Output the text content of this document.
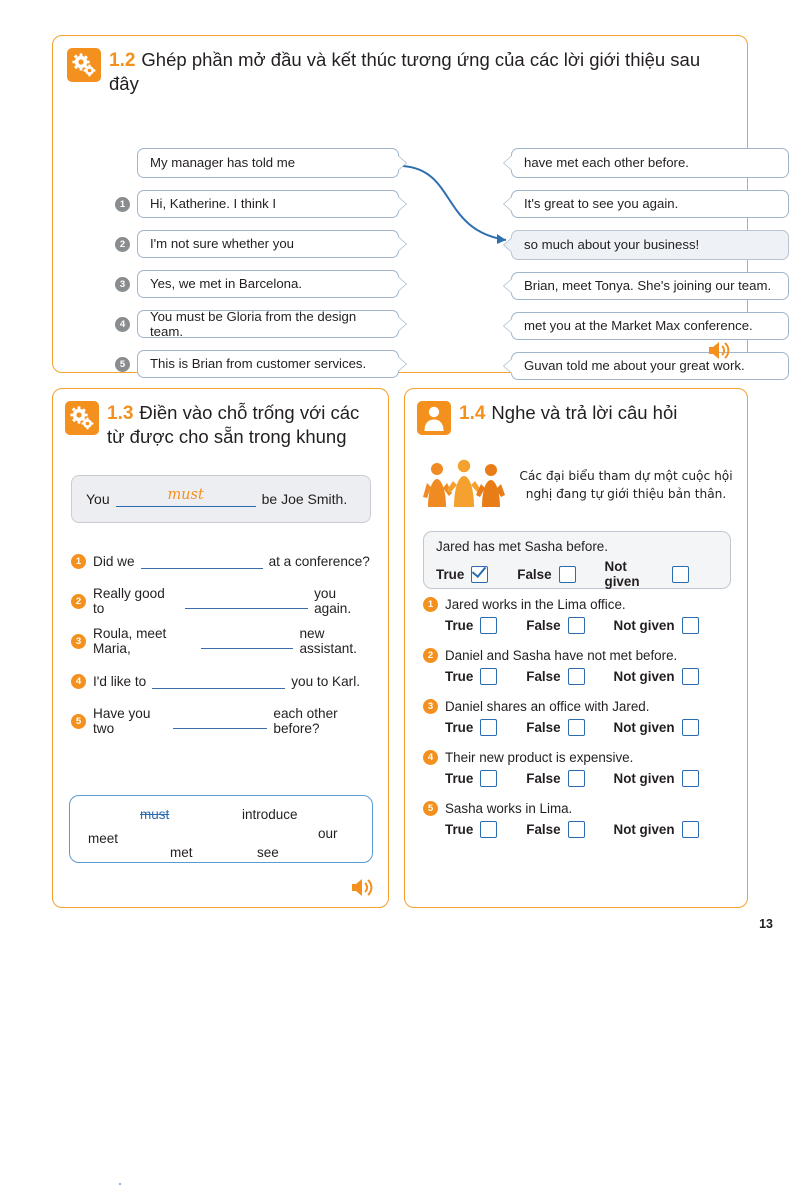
1.2 Ghép phần mở đầu và kết thúc tương ứng của các lời giới thiệu sau đây
My manager has told me
1	Hi, Katherine. I think I
2	I'm not sure whether you
3	Yes, we met in Barcelona.
4
You must be Gloria from the design team.
5	This is Brian from customer services.
have met each other before.
It's great to see you again.
so much about your business!
Brian, meet Tonya. She's joining our team.
met you at the Market Max conference.
Guvan told me about your great work.
1.3 Điền vào chỗ trống với các từ được cho sẵn trong khung
You	must	be Joe Smith.
1 Did we	at a conference?
2 Really good to
you again.
3 Roula, meet Maria,
new assistant.
4 I'd like to	you to Karl.
5 Have you two
each other before?
must	introduce
meet	our
met	see
1.4 Nghe và trả lời câu hỏi
Các đại biểu tham dự một cuộc hội nghị đang tự giới thiệu bản thân.
Jared has met Sasha before.
True	False	Not given
1 Jared works in the Lima office.
True	False	Not given
2 Daniel and Sasha have not met before.
True	False	Not given
3 Daniel shares an office with Jared.
True	False	Not given
4 Their new product is expensive.
True	False	Not given
5 Sasha works in Lima.
True	False	Not given
13
